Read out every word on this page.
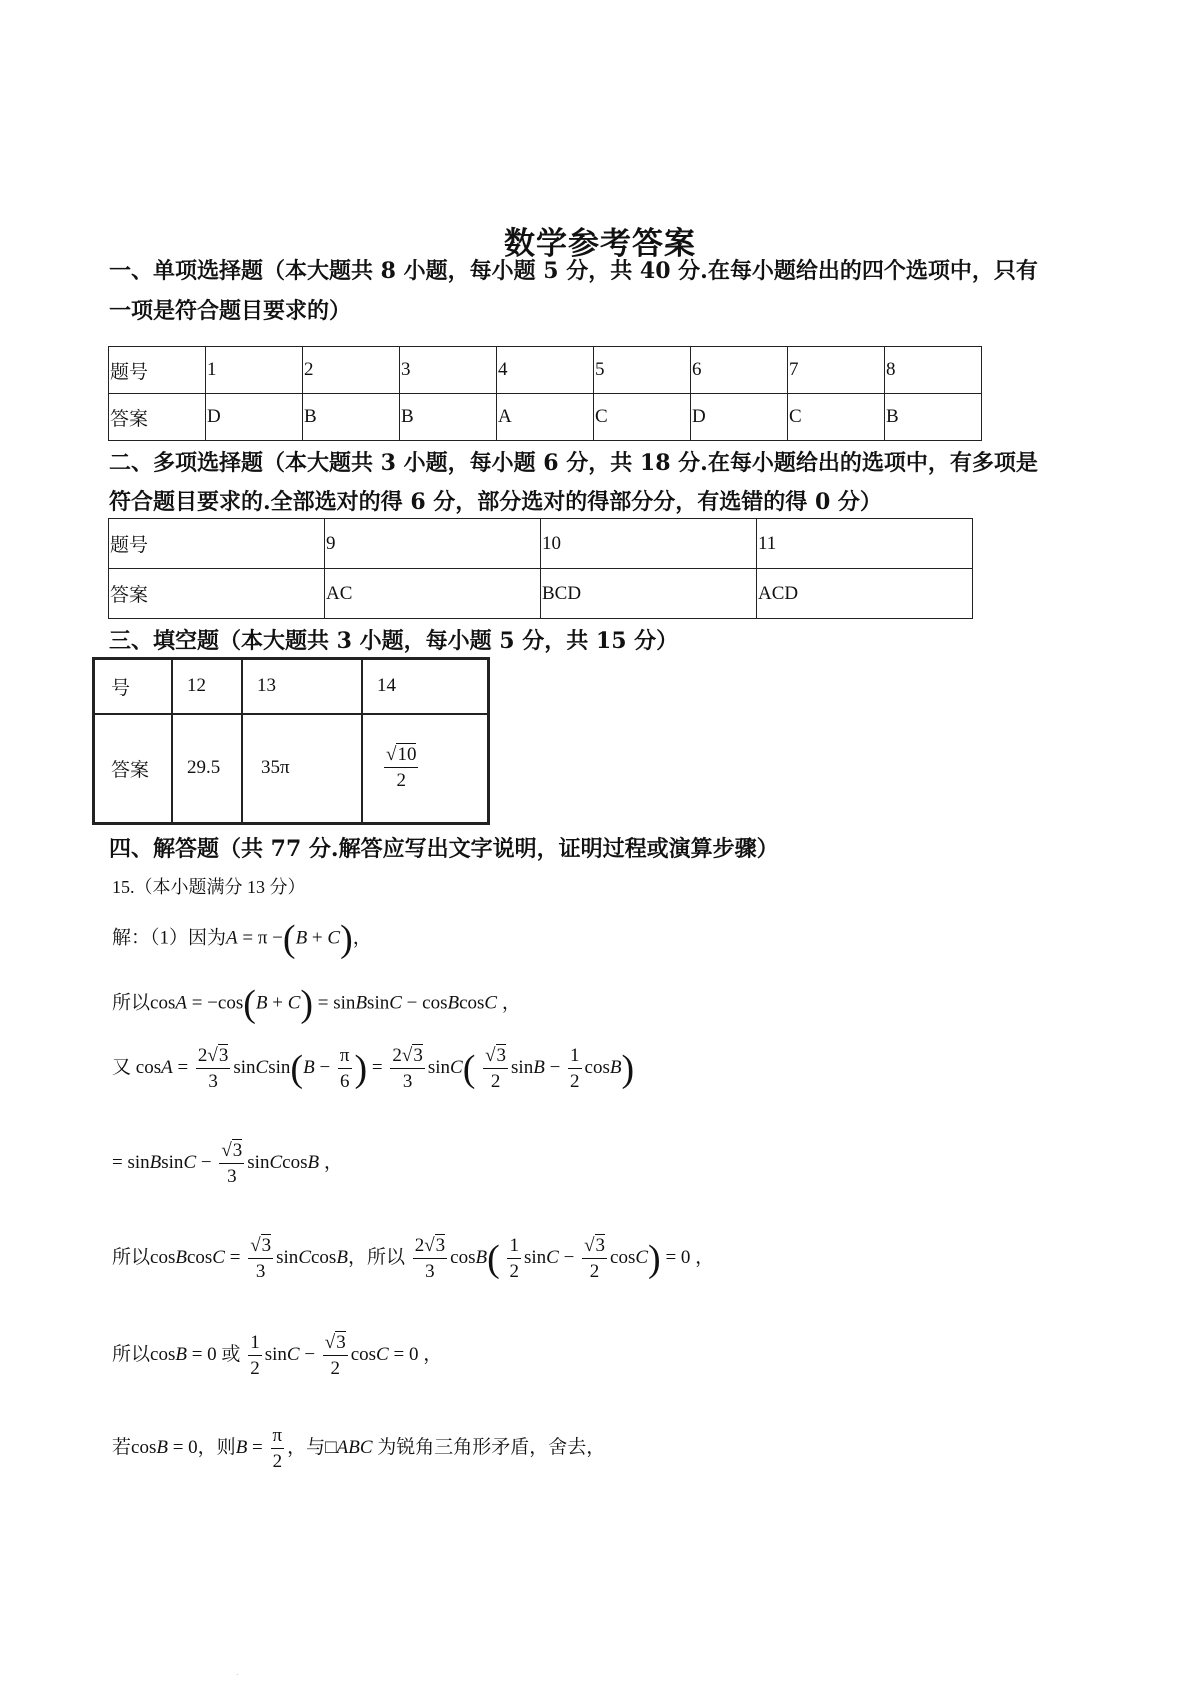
数学参考答案
一、单项选择题（本大题共 8 小题，每小题 5 分，共 40 分.在每小题给出的四个选项中，只有
一项是符合题目要求的）
题号	1	2	3	4	5	6	7	8
答案	D	B	B	A	C	D	C	B
二、多项选择题（本大题共 3 小题，每小题 6 分，共 18 分.在每小题给出的选项中，有多项是
符合题目要求的.全部选对的得 6 分，部分选对的得部分分，有选错的得 0 分）
题号	9	10	11
答案	AC	BCD	ACD
三、填空题（本大题共 3 小题，每小题 5 分，共 15 分）
号	12	13	14
答案	29.5	35π	$\frac{√10}{2}$
四、解答题（共 77 分.解答应写出文字说明，证明过程或演算步骤）
15.（本小题满分 13 分）
解：（1）因为A = π −(B + C)，
所以cosA = −cos(B + C) = sinBsinC − cosBcosC ，
又 $\cos A = \frac{2√3}{3}$ sinCsin(B − $\frac{\pi}{6}$ ) = $\frac{2√3}{3} \sin C( \frac{√3}{2}$ $\sin B - \frac{1}{2} \cos B$)
= sinBsinC − $\frac{√3}{3}$ sinCcosB ，
所以cosBcosC = $\frac{√3}{3}$ sinCcosB，所以 $\frac{2√3}{3} \cos B( \frac{1}{2}$ $\sin C - \frac{√3}{2} \cos C) = 0$ ，
所以cosB = 0 或 $\frac{1}{2}$ $\sin C - \frac{√3}{2}$ cosC = 0 ，
若cosB = 0，则$B = \frac{\pi}{2}$ ，与□ABC 为锐角三角形矛盾，舍去，
.
